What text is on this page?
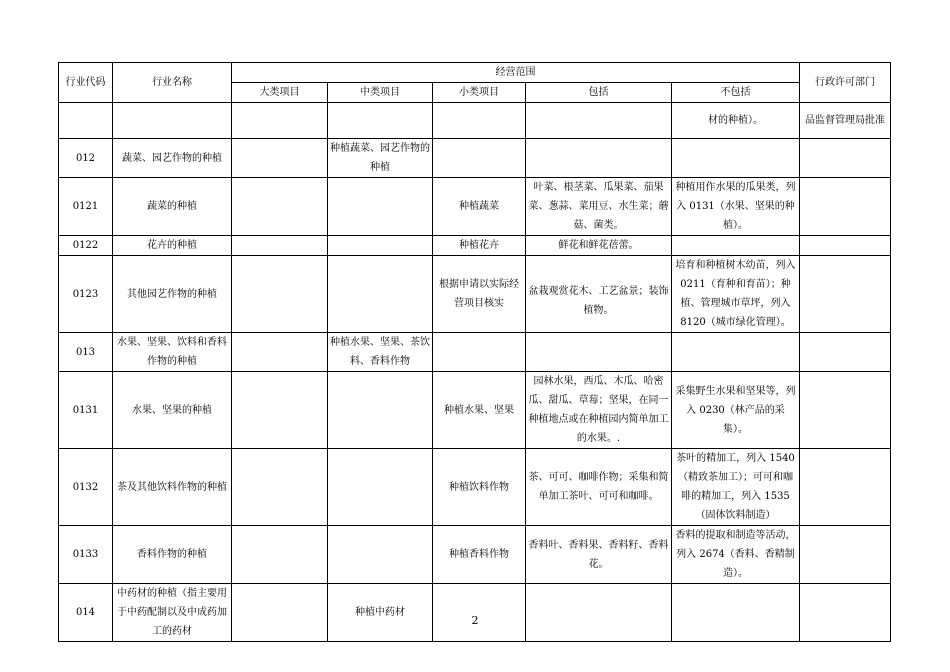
行业代码	行业名称	经营范围					行政许可部门
		大类项目	中类项目	小类项目	包括	不包括	
						材的种植）。	品监督管理局批准
012	蔬菜、园艺作物的种植		种植蔬菜、园艺作物的种植				
0121	蔬菜的种植			种植蔬菜	叶菜、根茎菜、瓜果菜、茄果菜、葱蒜、菜用豆、水生菜；蘑菇、菌类。	种植用作水果的瓜果类，列入 0131（水果、坚果的种植）。	
0122	花卉的种植			种植花卉	鲜花和鲜花蓓蕾。		
0123	其他园艺作物的种植			根据申请以实际经营项目核实	盆栽观赏花木、工艺盆景；装饰植物。	培育和种植树木幼苗，列入 0211（育种和育苗）；种植、管理城市草坪，列入 8120（城市绿化管理）。	
013	水果、坚果、饮料和香料作物的种植		种植水果、坚果、茶饮料、香料作物				
0131	水果、坚果的种植			种植水果、坚果	园林水果，西瓜、木瓜、哈密瓜、甜瓜、草莓；坚果，在同一种植地点或在种植园内简单加工的水果。.	采集野生水果和坚果等，列入 0230（林产品的采集）。	
0132	茶及其他饮料作物的种植			种植饮料作物	茶、可可、咖啡作物；采集和简单加工茶叶、可可和咖啡。	茶叶的精加工，列入 1540（精致茶加工）；可可和咖啡的精加工，列入 1535（固体饮料制造）	
0133	香料作物的种植			种植香料作物	香料叶、香料果、香料籽、香料花。	香料的提取和制造等活动，列入 2674（香料、香精制造）。	
014	中药材的种植（指主要用于中药配制以及中成药加工的药材		种植中药材				
2
